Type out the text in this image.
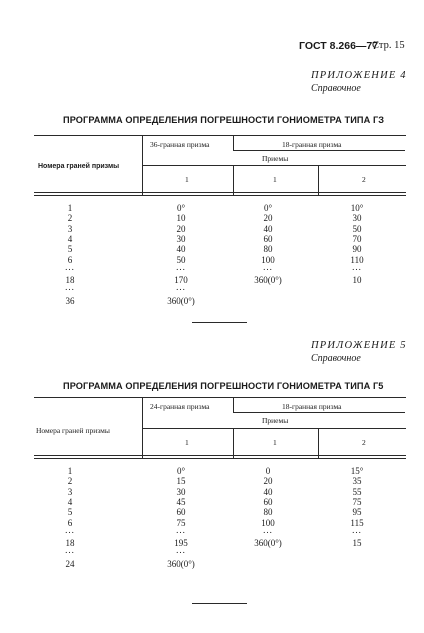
ГОСТ 8.266—77
Стр. 15
ПРИЛОЖЕНИЕ 4
Справочное
ПРОГРАММА ОПРЕДЕЛЕНИЯ ПОГРЕШНОСТИ ГОНИОМЕТРА ТИПА ГЗ
36-гранная призма	18-гранная призма
Приемы
Номера граней призмы
1	1	2
1	0°	0°	10°
2	10	20	30
3	20	40	50
4	30	60	70
5	40	80	90
6	50	100	110
...	...	...	...
18	170	360(0°)	10
...	...
36	360(0°)
ПРИЛОЖЕНИЕ 5
Справочное
ПРОГРАММА ОПРЕДЕЛЕНИЯ ПОГРЕШНОСТИ ГОНИОМЕТРА ТИПА Г5
24-гранная призма	18-гранная призма
Приемы
Номера граней призмы
1	1	2
1	0°	0	15°
2	15	20	35
3	30	40	55
4	45	60	75
5	60	80	95
6	75	100	115
...	...	...	...
18	195	360(0°)	15
...	...
24	360(0°)
